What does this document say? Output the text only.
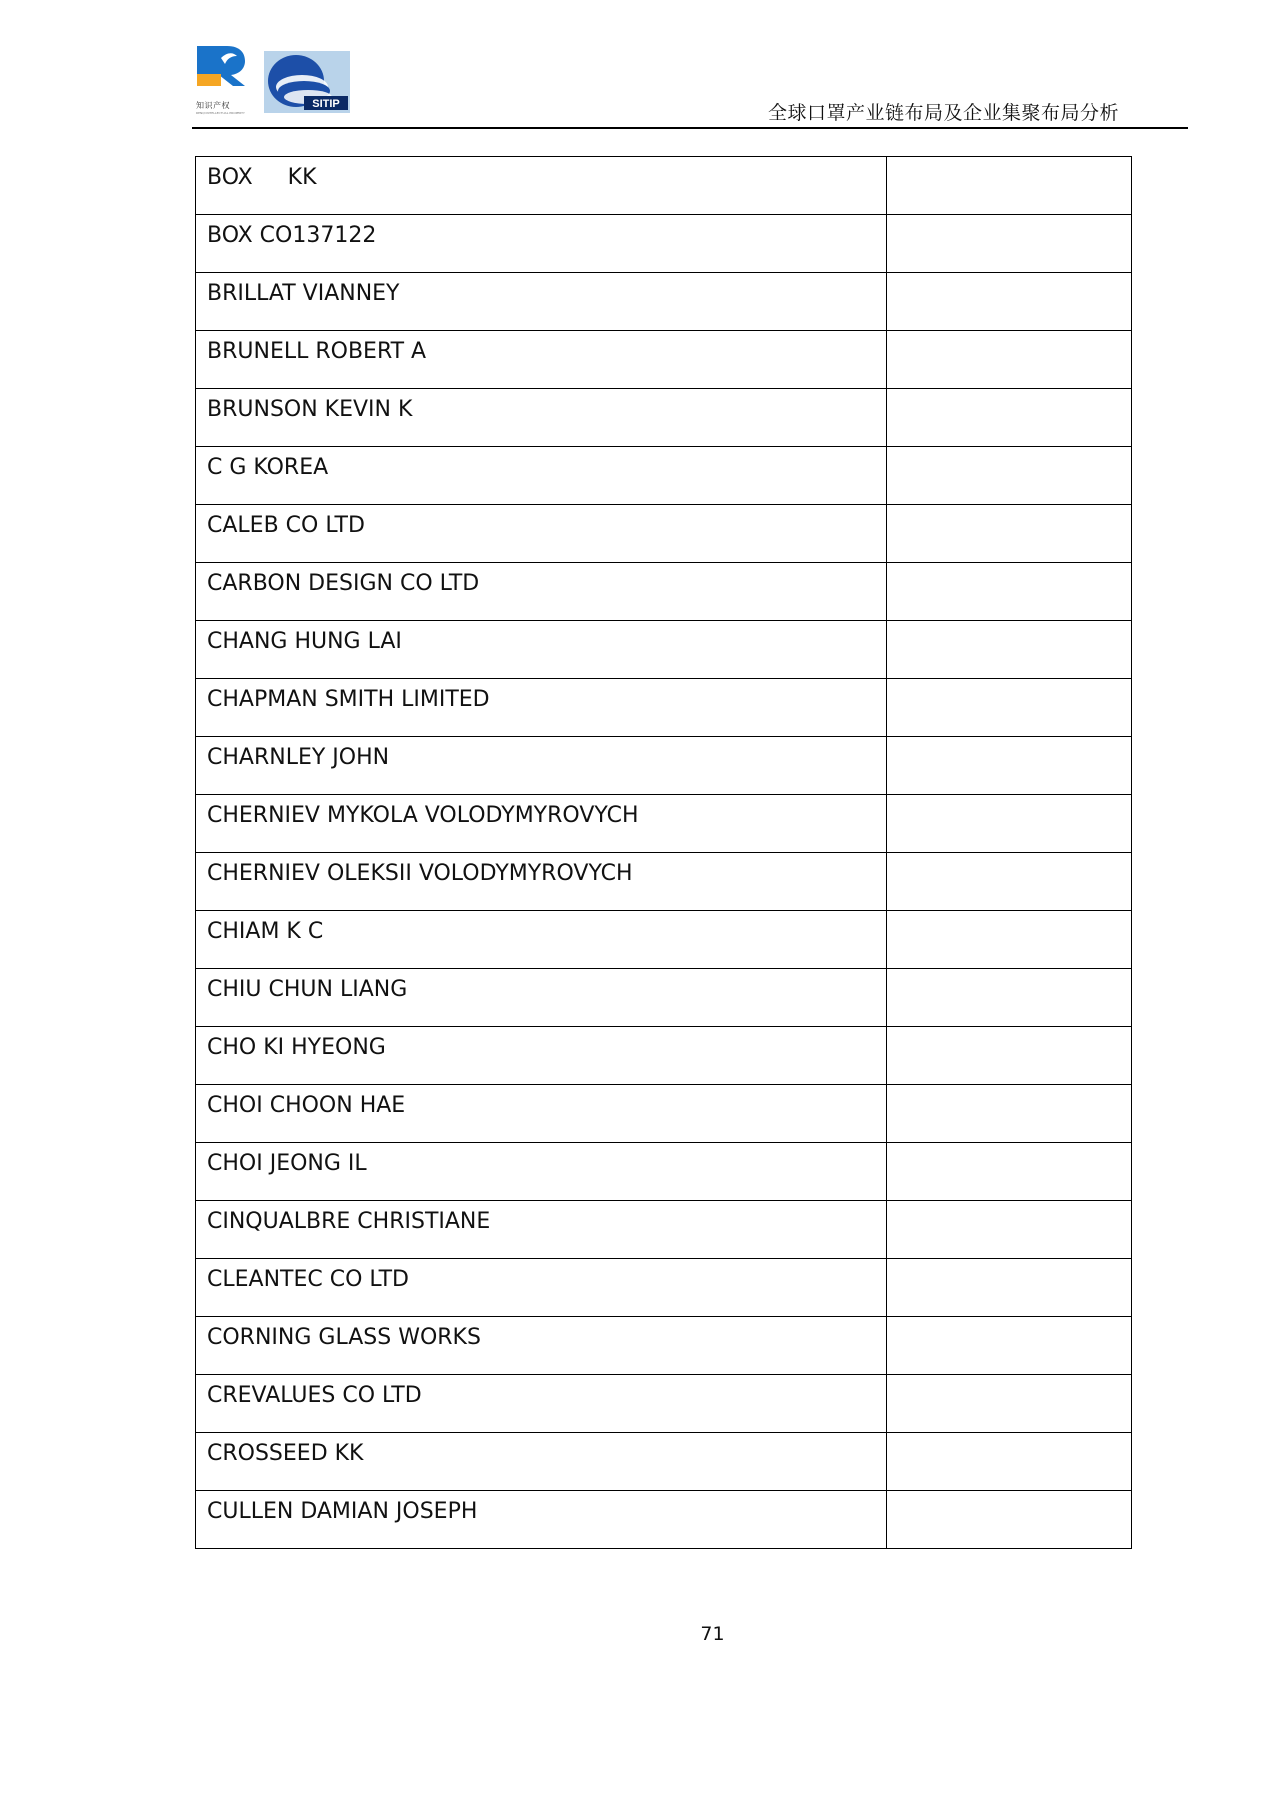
知识产权
RENQI INTELLECTUAL PROPERTY
SITIP	全球口罩产业链布局及企业集聚布局分析
BOX     KK	

BOX CO137122	

BRILLAT VIANNEY	

BRUNELL ROBERT A	

BRUNSON KEVIN K	

C G KOREA	

CALEB CO LTD	

CARBON DESIGN CO LTD	

CHANG HUNG LAI	

CHAPMAN SMITH LIMITED	

CHARNLEY JOHN	

CHERNIEV MYKOLA VOLODYMYROVYCH	

CHERNIEV OLEKSII VOLODYMYROVYCH	

CHIAM K C	

CHIU CHUN LIANG	

CHO KI HYEONG	

CHOI CHOON HAE	

CHOI JEONG IL	

CINQUALBRE CHRISTIANE	

CLEANTEC CO LTD	

CORNING GLASS WORKS	

CREVALUES CO LTD	

CROSSEED KK	

CULLEN DAMIAN JOSEPH	

71
